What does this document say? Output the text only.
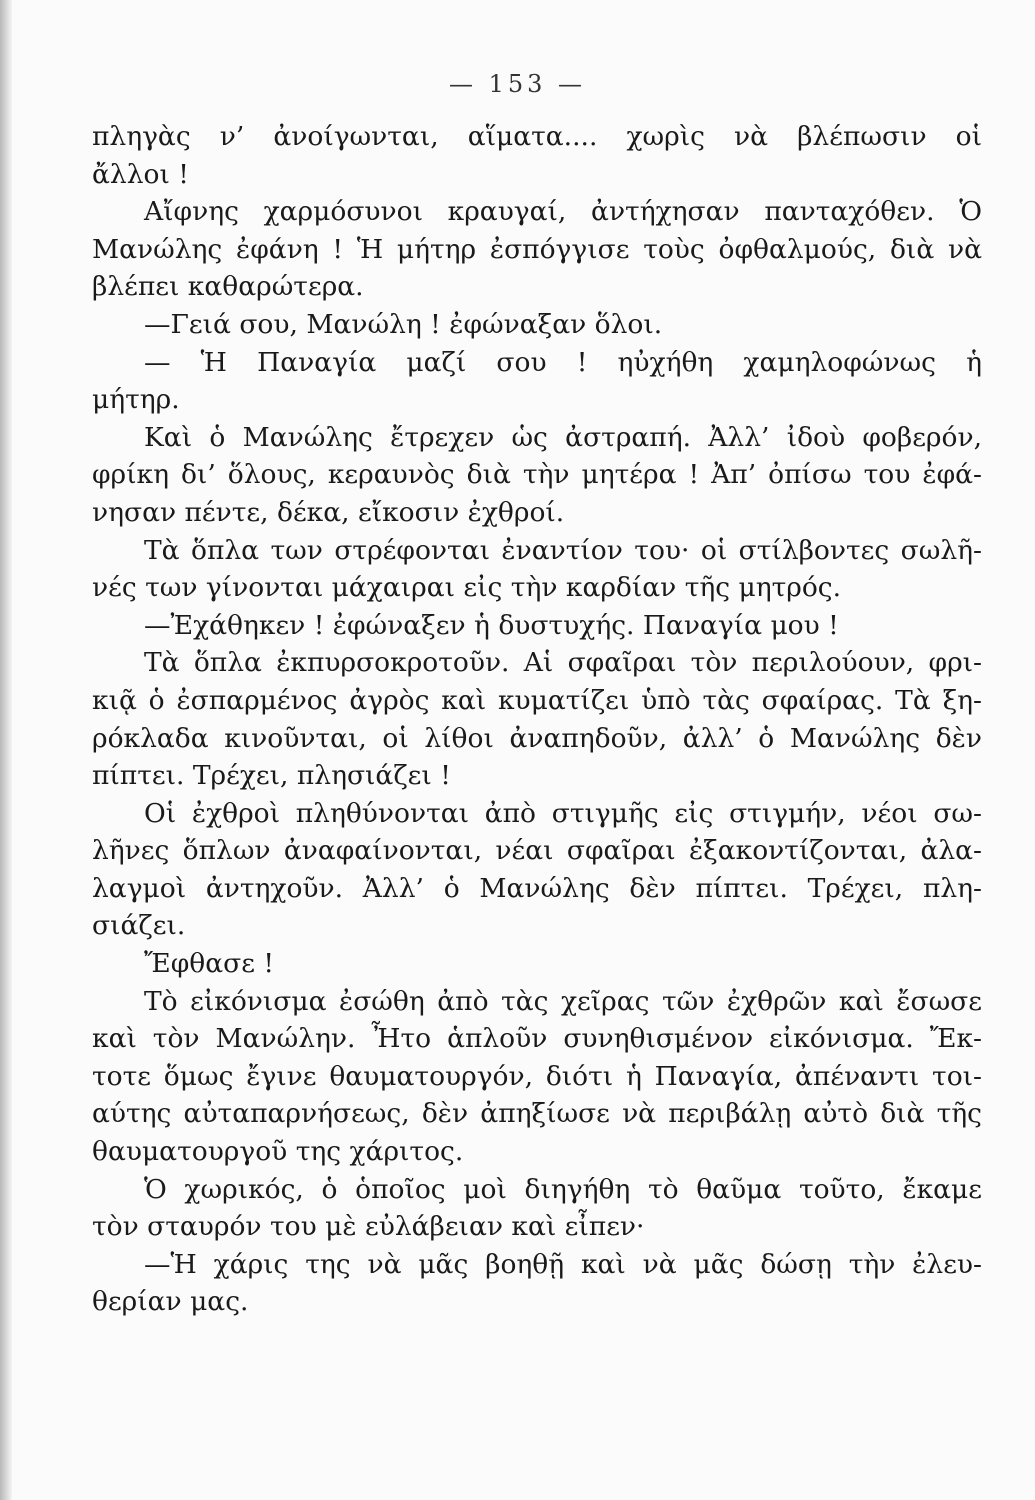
— 153 —
πληγὰς ν’ ἀνοίγωνται, αἵματα.... χωρὶς νὰ βλέπωσιν οἱ
ἄλλοι !
Αἴφνης χαρμόσυνοι κραυγαί, ἀντήχησαν πανταχόθεν. Ὁ
Μανώλης ἐφάνη ! Ἡ μήτηρ ἐσπόγγισε τοὺς ὀφθαλμούς, διὰ νὰ
βλέπει καθαρώτερα.
—Γειά σου, Μανώλη ! ἐφώναξαν ὅλοι.
— Ἡ Παναγία μαζί σου ! ηὐχήθη χαμηλοφώνως ἡ
μήτηρ.
Καὶ ὁ Μανώλης ἔτρεχεν ὡς ἀστραπή. Ἀλλ’ ἰδοὺ φοβερόν,
φρίκη δι’ ὅλους, κεραυνὸς διὰ τὴν μητέρα ! Ἀπ’ ὀπίσω του ἐφά-
νησαν πέντε, δέκα, εἴκοσιν ἐχθροί.
Τὰ ὅπλα των στρέφονται ἐναντίον του· οἱ στίλβοντες σωλῆ-
νές των γίνονται μάχαιραι εἰς τὴν καρδίαν τῆς μητρός.
—Ἐχάθηκεν ! ἐφώναξεν ἡ δυστυχής. Παναγία μου !
Τὰ ὅπλα ἐκπυρσοκροτοῦν. Αἱ σφαῖραι τὸν περιλούουν, φρι-
κιᾷ ὁ ἐσπαρμένος ἀγρὸς καὶ κυματίζει ὑπὸ τὰς σφαίρας. Τὰ ξη-
ρόκλαδα κινοῦνται, οἱ λίθοι ἀναπηδοῦν, ἀλλ’ ὁ Μανώλης δὲν
πίπτει. Τρέχει, πλησιάζει !
Οἱ ἐχθροὶ πληθύνονται ἀπὸ στιγμῆς εἰς στιγμήν, νέοι σω-
λῆνες ὅπλων ἀναφαίνονται, νέαι σφαῖραι ἐξακοντίζονται, ἀλα-
λαγμοὶ ἀντηχοῦν. Ἀλλ’ ὁ Μανώλης δὲν πίπτει. Τρέχει, πλη-
σιάζει.
Ἔφθασε !
Τὸ εἰκόνισμα ἐσώθη ἀπὸ τὰς χεῖρας τῶν ἐχθρῶν καὶ ἔσωσε
καὶ τὸν Μανώλην. Ἦτο ἁπλοῦν συνηθισμένον εἰκόνισμα. Ἔκ-
τοτε ὅμως ἔγινε θαυματουργόν, διότι ἡ Παναγία, ἀπέναντι τοι-
αύτης αὐταπαρνήσεως, δὲν ἀπηξίωσε νὰ περιβάλῃ αὐτὸ διὰ τῆς
θαυματουργοῦ της χάριτος.
Ὁ χωρικός, ὁ ὁποῖος μοὶ διηγήθη τὸ θαῦμα τοῦτο, ἔκαμε
τὸν σταυρόν του μὲ εὐλάβειαν καὶ εἶπεν·
—Ἡ χάρις της νὰ μᾶς βοηθῇ καὶ νὰ μᾶς δώσῃ τὴν ἐλευ-
θερίαν μας.
